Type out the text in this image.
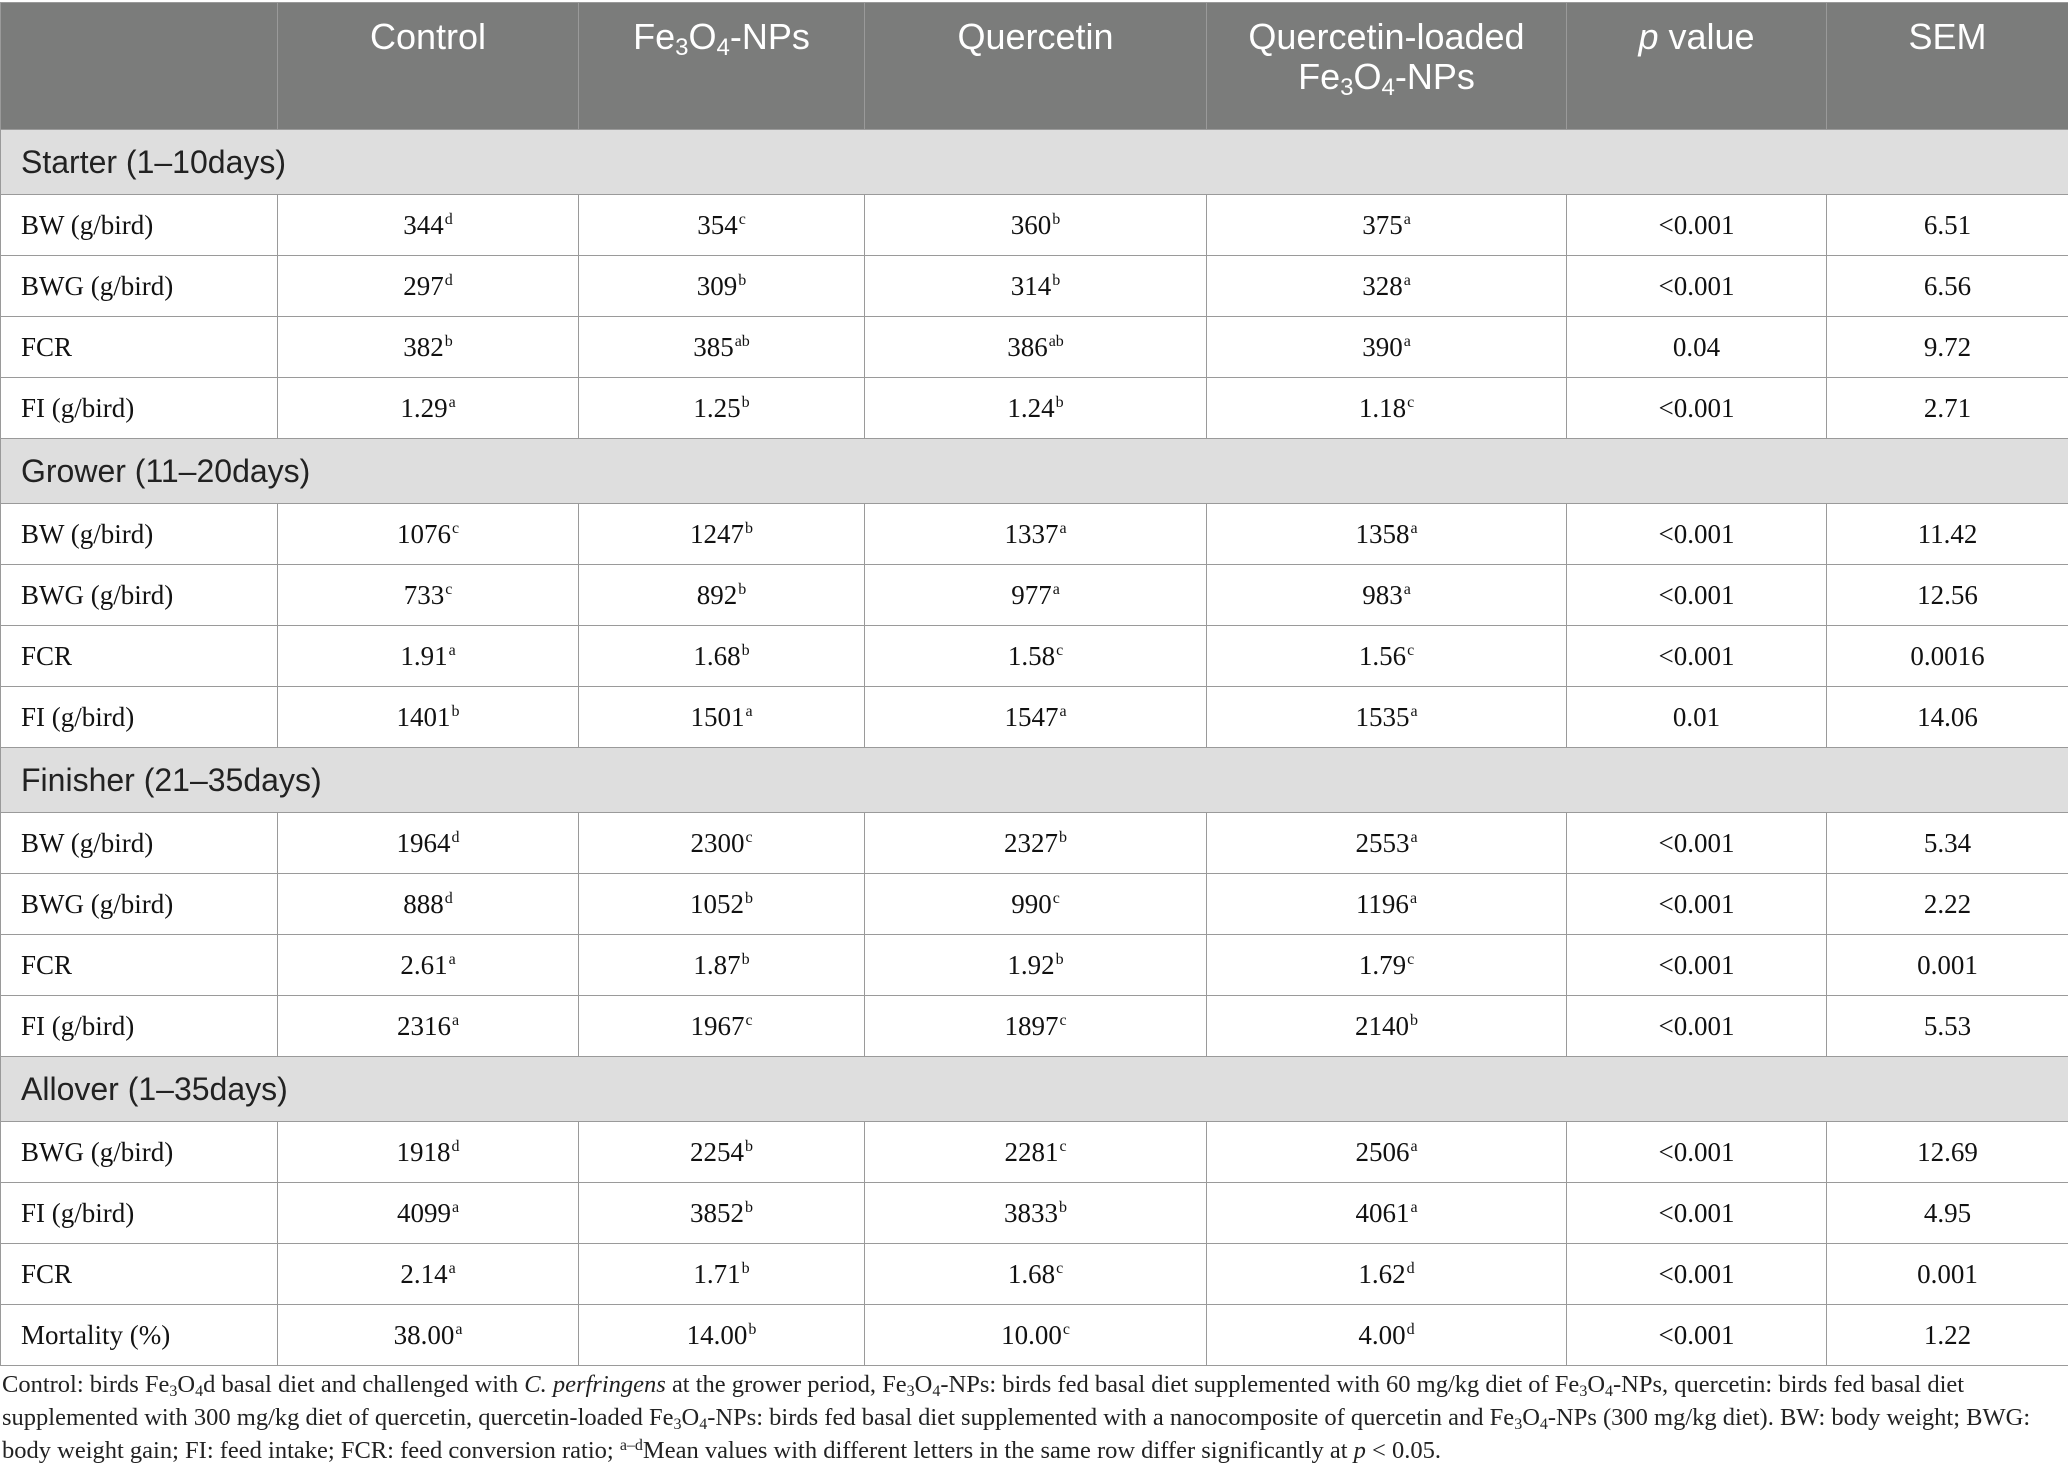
	Control	$Fe_3O_4$-NPs	Quercetin	Quercetin-loaded
$Fe_3O_4$-NPs	p value	SEM
Starter (1–10days)						
BW (g/bird)	344$^d$	354$^c$	360$^b$	$375^a$	<0.001	6.51
BWG (g/bird)	297$^d$	309$^b$	314$^b$	$328^a$	<0.001	6.56
FCR	382$^b$	$385^{ab}$	$386^{ab}$	390$^a$	0.04	9.72
FI (g/bird)	1.29$^a$	1.25$^b$	1.24$^b$	1.18$^c$	<0.001	2.71
Grower (11–20days)						
BW (g/bird)	1076$^c$	1247$^b$	1337$^a$	$1358^a$	<0.001	11.42
BWG (g/bird)	733$^c$	892$^b$	977$^a$	$983^a$	<0.001	12.56
FCR	1.91$^a$	1.68$^b$	1.58$^c$	1.56$^c$	<0.001	0.0016
FI (g/bird)	1401$^b$	1501$^a$	1547$^a$	1535$^a$	0.01	14.06
Finisher (21–35days)						
BW (g/bird)	1964$^d$	2300$^c$	2327$^b$	$2553^a$	<0.001	5.34
BWG (g/bird)	888$^d$	1052$^b$	990$^c$	$1196^a$	<0.001	2.22
FCR	2.61$^a$	1.87$^b$	1.92$^b$	1.79$^c$	<0.001	0.001
FI (g/bird)	2316$^a$	1967$^c$	1897$^c$	$2140^b$	<0.001	5.53
Allover (1–35days)						
BWG (g/bird)	1918$^d$	2254$^b$	2281$^c$	$2506^a$	<0.001	12.69
FI (g/bird)	4099$^a$	3852$^b$	3833$^b$	$4061^a$	<0.001	4.95
FCR	2.14$^a$	1.71$^b$	1.68$^c$	1.62$^d$	<0.001	0.001
Mortality (%)	38.00$^a$	14.00$^b$	10.00$^c$	4.00$^d$	<0.001	1.22
Control: birds $Fe_3O_4d$ basal diet and challenged with C. perfringens at the grower period, $Fe_3O_4$-NPs: birds fed basal diet supplemented with 60 mg/kg diet of $Fe_3O_4$-NPs, quercetin: birds fed basal diet supplemented with 300 mg/kg diet of quercetin, quercetin-loaded $Fe_3O_4$-NPs: birds fed basal diet supplemented with a nanocomposite of quercetin and $Fe_3O_4$-NPs (300 mg/kg diet). BW: body weight; BWG: body weight gain; FI: feed intake; FCR: feed conversion ratio; $^{a-d}$Mean values with different letters in the same row differ significantly at p < 0.05.
